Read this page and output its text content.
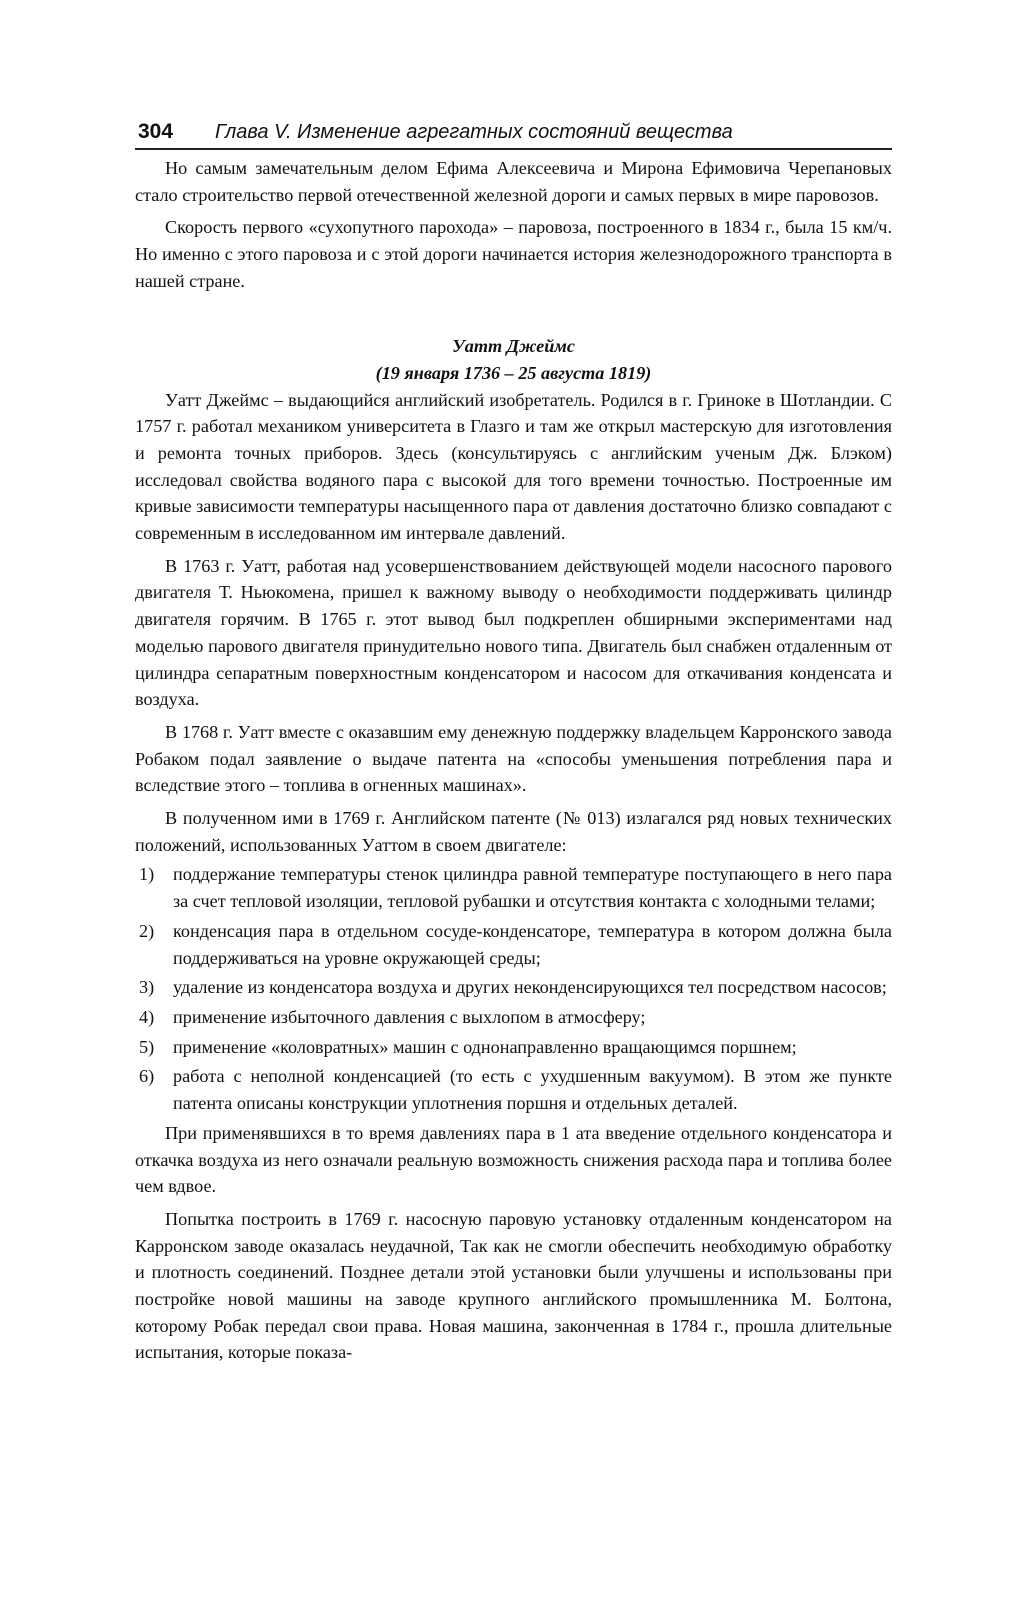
304 Глава V. Изменение агрегатных состояний вещества

Но самым замечательным делом Ефима Алексеевича и Мирона Ефимовича Черепановых стало строительство первой отечественной железной дороги и самых первых в мире паровозов.

Скорость первого «сухопутного парохода» – паровоза, построенного в 1834 г., была 15 км/ч. Но именно с этого паровоза и с этой дороги начинается история железнодорожного транспорта в нашей стране.

Уатт Джеймс
(19 января 1736 – 25 августа 1819)

Уатт Джеймс – выдающийся английский изобретатель. Родился в г. Гриноке в Шотландии. С 1757 г. работал механиком университета в Глазго и там же открыл мастерскую для изготовления и ремонта точных приборов. Здесь (консультируясь с английским ученым Дж. Блэком) исследовал свойства водяного пара с высокой для того времени точностью. Построенные им кривые зависимости температуры насыщенного пара от давления достаточно близко совпадают с современным в исследованном им интервале давлений.

В 1763 г. Уатт, работая над усовершенствованием действующей модели насосного парового двигателя Т. Ньюкомена, пришел к важному выводу о необходимости поддерживать цилиндр двигателя горячим. В 1765 г. этот вывод был подкреплен обширными экспериментами над моделью парового двигателя принудительно нового типа. Двигатель был снабжен отдаленным от цилиндра сепаратным поверхностным конденсатором и насосом для откачивания конденсата и воздуха.

В 1768 г. Уатт вместе с оказавшим ему денежную поддержку владельцем Карронского завода Робаком подал заявление о выдаче патента на «способы уменьшения потребления пара и вследствие этого – топлива в огненных машинах».

В полученном ими в 1769 г. Английском патенте (№ 013) излагался ряд новых технических положений, использованных Уаттом в своем двигателе:

1) поддержание температуры стенок цилиндра равной температуре поступающего в него пара за счет тепловой изоляции, тепловой рубашки и отсутствия контакта с холодными телами;
2) конденсация пара в отдельном сосуде-конденсаторе, температура в котором должна была поддерживаться на уровне окружающей среды;
3) удаление из конденсатора воздуха и других неконденсирующихся тел посредством насосов;
4) применение избыточного давления с выхлопом в атмосферу;
5) применение «коловратных» машин с однонаправленно вращающимся поршнем;
6) работа с неполной конденсацией (то есть с ухудшенным вакуумом). В этом же пункте патента описаны конструкции уплотнения поршня и отдельных деталей.

При применявшихся в то время давлениях пара в 1 ата введение отдельного конденсатора и откачка воздуха из него означали реальную возможность снижения расхода пара и топлива более чем вдвое.

Попытка построить в 1769 г. насосную паровую установку отдаленным конденсатором на Карронском заводе оказалась неудачной, Так как не смогли обеспечить необходимую обработку и плотность соединений. Позднее детали этой установки были улучшены и использованы при постройке новой машины на заводе крупного английского промышленника М. Болтона, которому Робак передал свои права. Новая машина, законченная в 1784 г., прошла длительные испытания, которые показа-
